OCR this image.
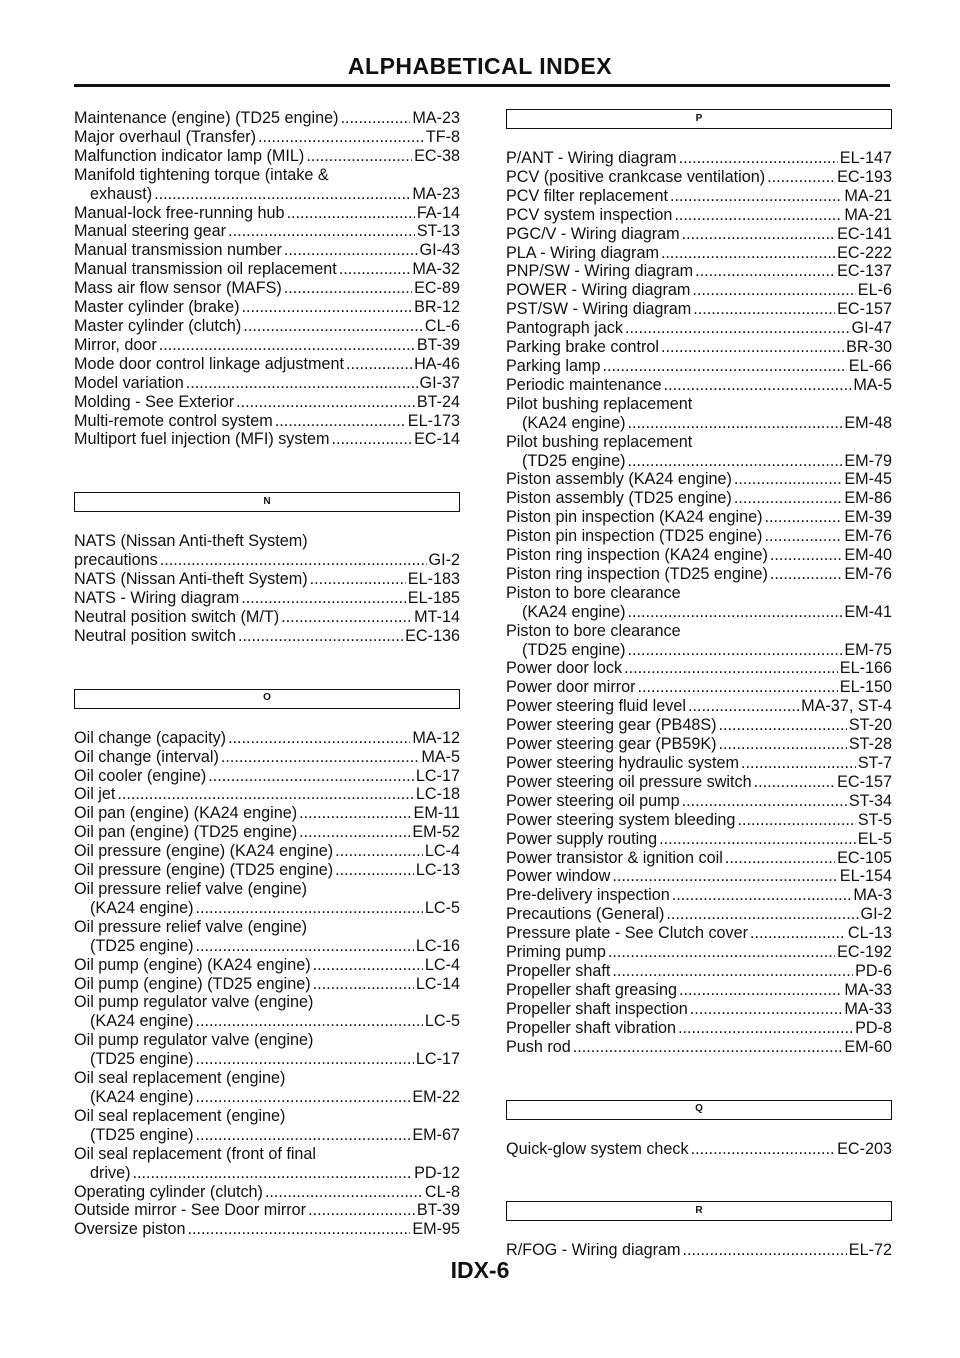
ALPHABETICAL INDEX
Maintenance (engine) (TD25 engine) .....	MA-23
Major overhaul (Transfer) .....	TF-8
Malfunction indicator lamp (MIL) .....	EC-38
Manifold tightening torque (intake &
exhaust) .....	MA-23
Manual-lock free-running hub .....	FA-14
Manual steering gear .....	ST-13
Manual transmission number .....	GI-43
Manual transmission oil replacement .....	MA-32
Mass air flow sensor (MAFS) .....	EC-89
Master cylinder (brake) .....	BR-12
Master cylinder (clutch) .....	CL-6
Mirror, door .....	BT-39
Mode door control linkage adjustment .....	HA-46
Model variation .....	GI-37
Molding - See Exterior .....	BT-24
Multi-remote control system .....	EL-173
Multiport fuel injection (MFI) system .....	EC-14
N
NATS (Nissan Anti-theft System)
precautions .....	GI-2
NATS (Nissan Anti-theft System) .....	EL-183
NATS - Wiring diagram .....	EL-185
Neutral position switch (M/T) .....	MT-14
Neutral position switch .....	EC-136
O
Oil change (capacity) .....	MA-12
Oil change (interval) .....	MA-5
Oil cooler (engine) .....	LC-17
Oil jet .....	LC-18
Oil pan (engine) (KA24 engine) .....	EM-11
Oil pan (engine) (TD25 engine) .....	EM-52
Oil pressure (engine) (KA24 engine) .....	LC-4
Oil pressure (engine) (TD25 engine) .....	LC-13
Oil pressure relief valve (engine)
(KA24 engine) .....	LC-5
Oil pressure relief valve (engine)
(TD25 engine) .....	LC-16
Oil pump (engine) (KA24 engine) .....	LC-4
Oil pump (engine) (TD25 engine) .....	LC-14
Oil pump regulator valve (engine)
(KA24 engine) .....	LC-5
Oil pump regulator valve (engine)
(TD25 engine) .....	LC-17
Oil seal replacement (engine)
(KA24 engine) .....	EM-22
Oil seal replacement (engine)
(TD25 engine) .....	EM-67
Oil seal replacement (front of final
drive) .....	PD-12
Operating cylinder (clutch) .....	CL-8
Outside mirror - See Door mirror .....	BT-39
Oversize piston .....	EM-95
P
P/ANT - Wiring diagram .....	EL-147
PCV (positive crankcase ventilation) .....	EC-193
PCV filter replacement .....	MA-21
PCV system inspection .....	MA-21
PGC/V - Wiring diagram .....	EC-141
PLA - Wiring diagram .....	EC-222
PNP/SW - Wiring diagram .....	EC-137
POWER - Wiring diagram .....	EL-6
PST/SW - Wiring diagram .....	EC-157
Pantograph jack .....	GI-47
Parking brake control .....	BR-30
Parking lamp .....	EL-66
Periodic maintenance .....	MA-5
Pilot bushing replacement
(KA24 engine) .....	EM-48
Pilot bushing replacement
(TD25 engine) .....	EM-79
Piston assembly (KA24 engine) .....	EM-45
Piston assembly (TD25 engine) .....	EM-86
Piston pin inspection (KA24 engine) .....	EM-39
Piston pin inspection (TD25 engine) .....	EM-76
Piston ring inspection (KA24 engine) .....	EM-40
Piston ring inspection (TD25 engine) .....	EM-76
Piston to bore clearance
(KA24 engine) .....	EM-41
Piston to bore clearance
(TD25 engine) .....	EM-75
Power door lock .....	EL-166
Power door mirror .....	EL-150
Power steering fluid level .....	MA-37, ST-4
Power steering gear (PB48S) .....	ST-20
Power steering gear (PB59K) .....	ST-28
Power steering hydraulic system .....	ST-7
Power steering oil pressure switch .....	EC-157
Power steering oil pump .....	ST-34
Power steering system bleeding .....	ST-5
Power supply routing .....	EL-5
Power transistor & ignition coil .....	EC-105
Power window .....	EL-154
Pre-delivery inspection .....	MA-3
Precautions (General) .....	GI-2
Pressure plate - See Clutch cover .....	CL-13
Priming pump .....	EC-192
Propeller shaft .....	PD-6
Propeller shaft greasing .....	MA-33
Propeller shaft inspection .....	MA-33
Propeller shaft vibration .....	PD-8
Push rod .....	EM-60
Q
Quick-glow system check .....	EC-203
R
R/FOG - Wiring diagram .....	EL-72
IDX-6
